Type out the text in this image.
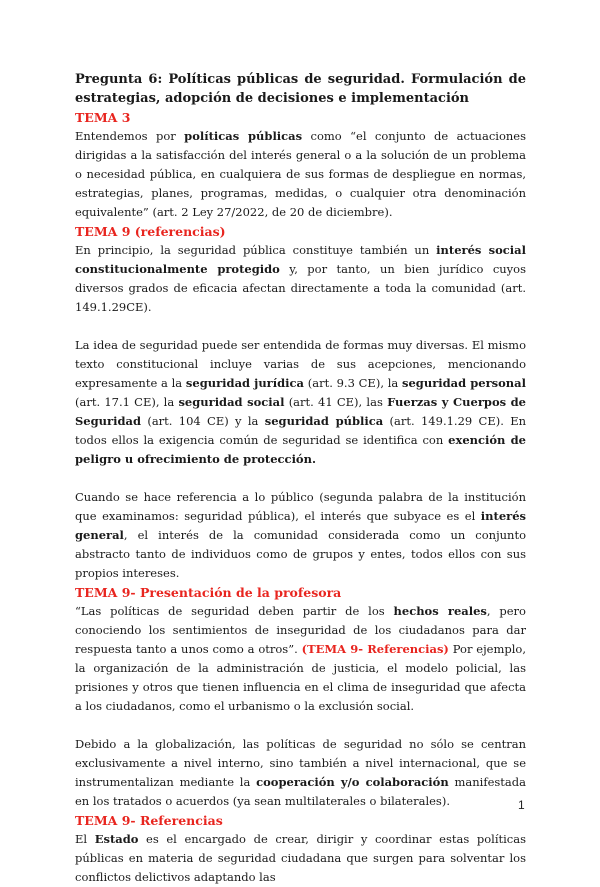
Pregunta 6: Políticas públicas de seguridad. Formulación de estrategias, adopción de decisiones e implementación

TEMA 3

Entendemos por políticas públicas como “el conjunto de actuaciones dirigidas a la satisfacción del interés general o a la solución de un problema o necesidad pública, en cualquiera de sus formas de despliegue en normas, estrategias, planes, programas, medidas, o cualquier otra denominación equivalente” (art. 2 Ley 27/2022, de 20 de diciembre).

TEMA 9 (referencias)

En principio, la seguridad pública constituye también un interés social constitucionalmente protegido y, por tanto, un bien jurídico cuyos diversos grados de eficacia afectan directamente a toda la comunidad (art. 149.1.29CE).

La idea de seguridad puede ser entendida de formas muy diversas. El mismo texto constitucional incluye varias de sus acepciones, mencionando expresamente a la seguridad jurídica (art. 9.3 CE), la seguridad personal (art. 17.1 CE), la seguridad social (art. 41 CE), las Fuerzas y Cuerpos de Seguridad (art. 104 CE) y la seguridad pública (art. 149.1.29 CE). En todos ellos la exigencia común de seguridad se identifica con exención de peligro u ofrecimiento de protección.

Cuando se hace referencia a lo público (segunda palabra de la institución que examinamos: seguridad pública), el interés que subyace es el interés general, el interés de la comunidad considerada como un conjunto abstracto tanto de individuos como de grupos y entes, todos ellos con sus propios intereses.

TEMA 9- Presentación de la profesora

“Las políticas de seguridad deben partir de los hechos reales, pero conociendo los sentimientos de inseguridad de los ciudadanos para dar respuesta tanto a unos como a otros”. (TEMA 9- Referencias) Por ejemplo, la organización de la administración de justicia, el modelo policial, las prisiones y otros que tienen influencia en el clima de inseguridad que afecta a los ciudadanos, como el urbanismo o la exclusión social.

Debido a la globalización, las políticas de seguridad no sólo se centran exclusivamente a nivel interno, sino también a nivel internacional, que se instrumentalizan mediante la cooperación y/o colaboración manifestada en los tratados o acuerdos (ya sean multilaterales o bilaterales).

TEMA 9- Referencias

El Estado es el encargado de crear, dirigir y coordinar estas políticas públicas en materia de seguridad ciudadana que surgen para solventar los conflictos delictivos adaptando las

1
